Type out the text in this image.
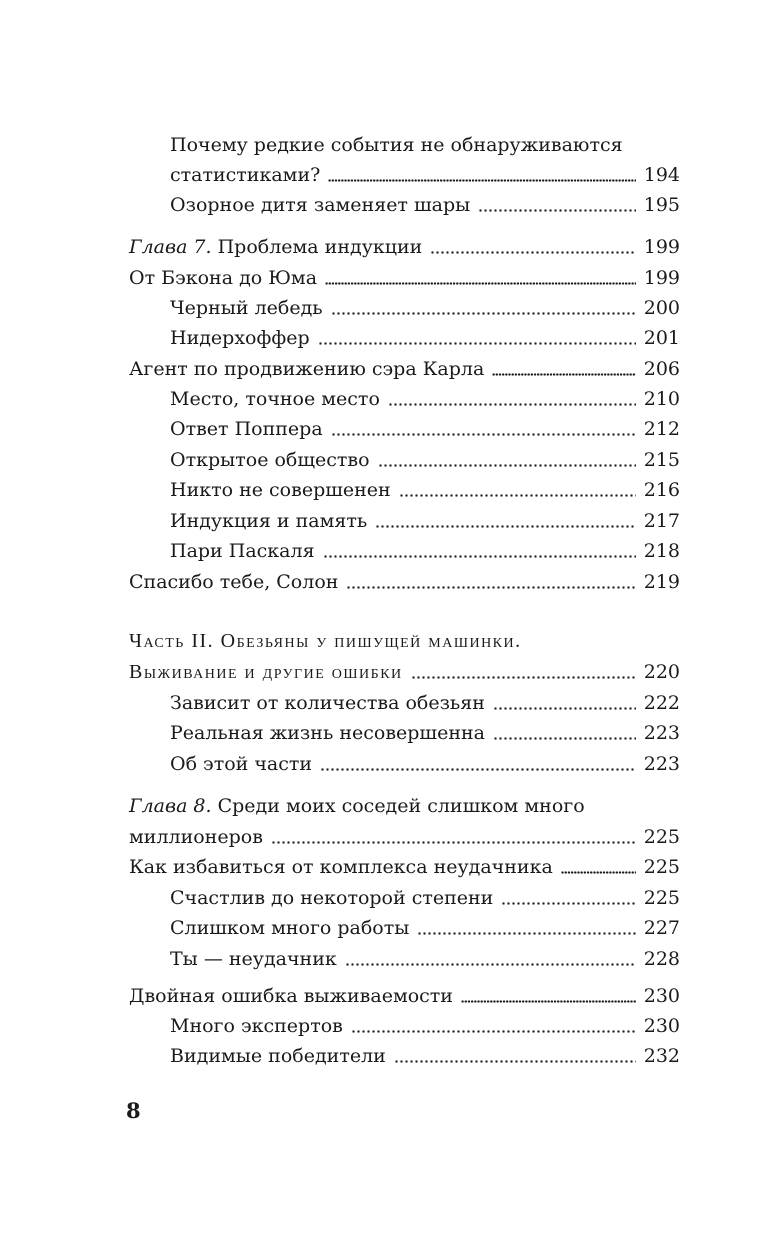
Почему редкие события не обнаруживаются
статистиками?	194
Озорное дитя заменяет шары	195
Глава 7. Проблема индукции	199
От Бэкона до Юма	199
Черный лебедь	200
Нидерхоффер	201
Агент по продвижению сэра Карла	206
Место, точное место	210
Ответ Поппера	212
Открытое общество	215
Никто не совершенен	216
Индукция и память	217
Пари Паскаля	218
Спасибо тебе, Солон	219
Часть II. Обезьяны у пишущей машинки.
Выживание и другие ошибки	220
Зависит от количества обезьян	222
Реальная жизнь несовершенна	223
Об этой части	223
Глава 8. Среди моих соседей слишком много
миллионеров	225
Как избавиться от комплекса неудачника	225
Счастлив до некоторой степени	225
Слишком много работы	227
Ты — неудачник	228
Двойная ошибка выживаемости	230
Много экспертов	230
Видимые победители	232
8
